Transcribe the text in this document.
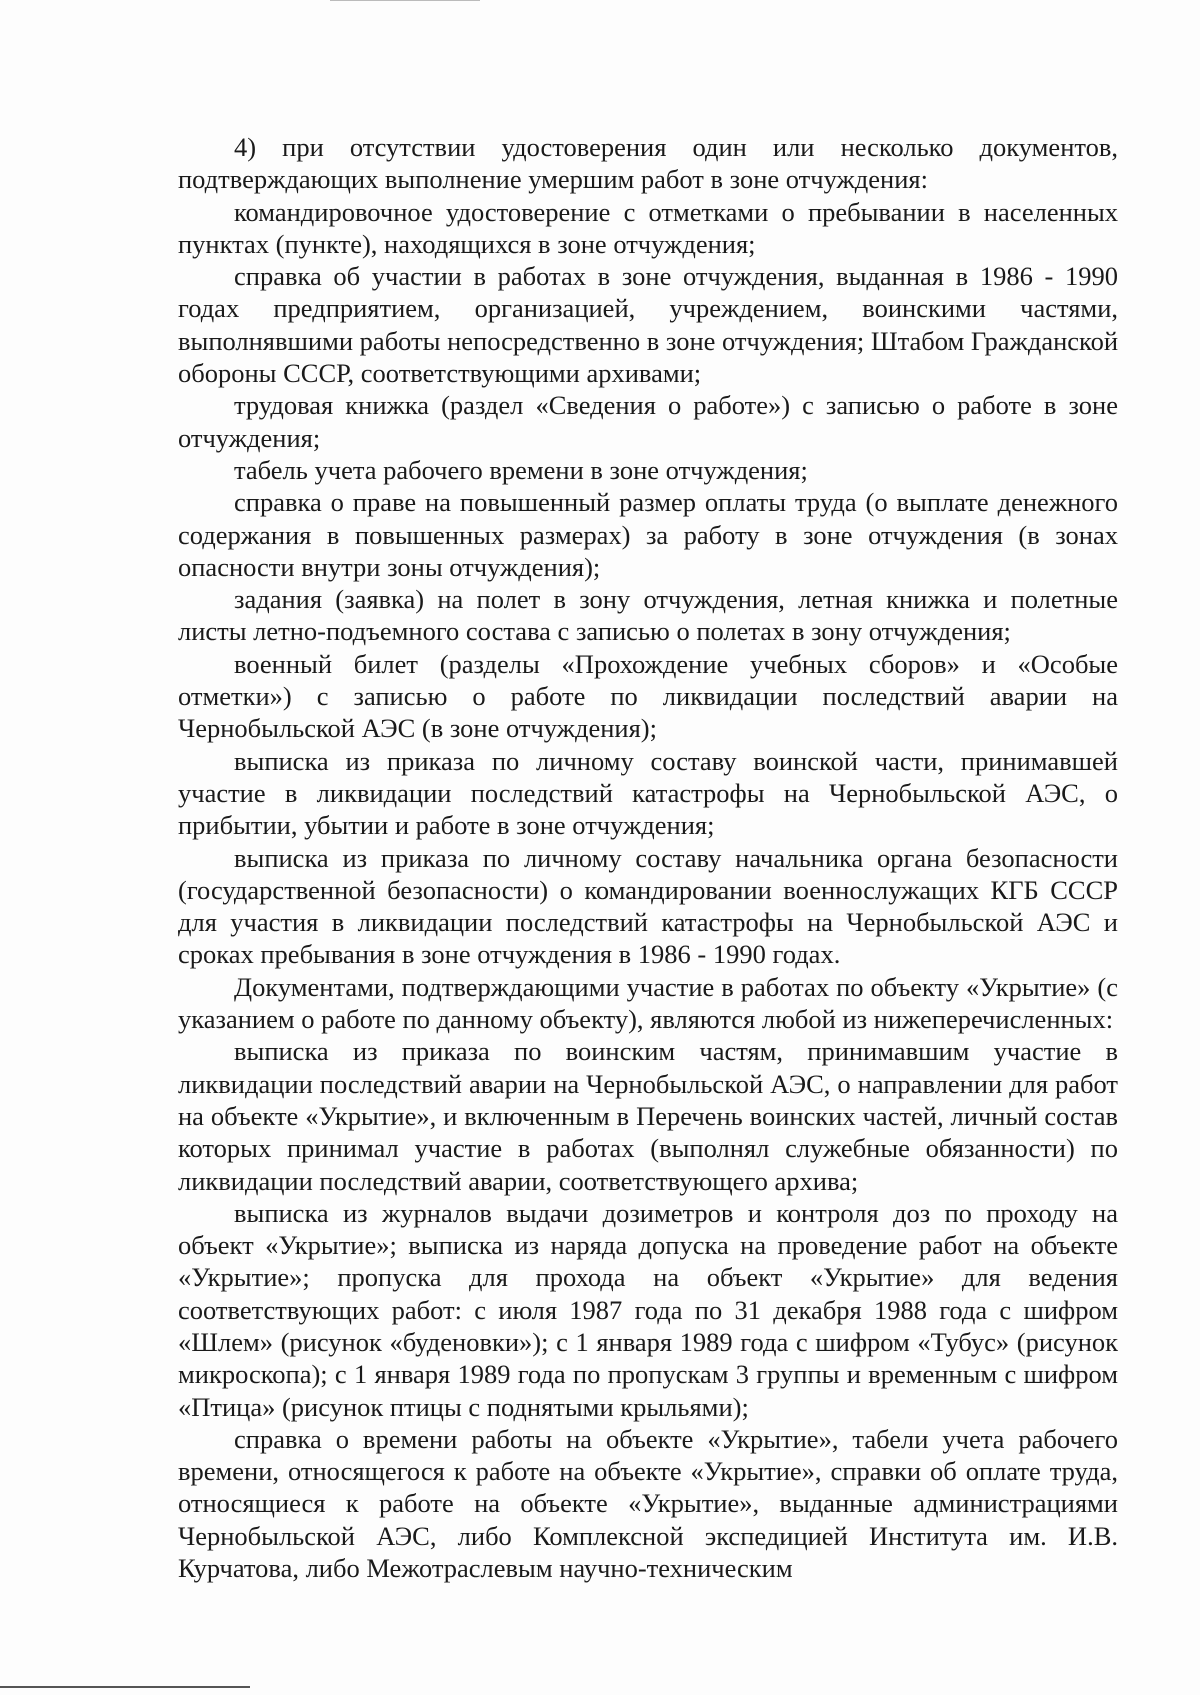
4) при отсутствии удостоверения один или несколько документов, подтверждающих выполнение умершим работ в зоне отчуждения:

командировочное удостоверение с отметками о пребывании в населенных пунктах (пункте), находящихся в зоне отчуждения;

справка об участии в работах в зоне отчуждения, выданная в 1986 - 1990 годах предприятием, организацией, учреждением, воинскими частями, выполнявшими работы непосредственно в зоне отчуждения; Штабом Гражданской обороны СССР, соответствующими архивами;

трудовая книжка (раздел «Сведения о работе») с записью о работе в зоне отчуждения;

табель учета рабочего времени в зоне отчуждения;

справка о праве на повышенный размер оплаты труда (о выплате денежного содержания в повышенных размерах) за работу в зоне отчуждения (в зонах опасности внутри зоны отчуждения);

задания (заявка) на полет в зону отчуждения, летная книжка и полетные листы летно-подъемного состава с записью о полетах в зону отчуждения;

военный билет (разделы «Прохождение учебных сборов» и «Особые отметки») с записью о работе по ликвидации последствий аварии на Чернобыльской АЭС (в зоне отчуждения);

выписка из приказа по личному составу воинской части, принимавшей участие в ликвидации последствий катастрофы на Чернобыльской АЭС, о прибытии, убытии и работе в зоне отчуждения;

выписка из приказа по личному составу начальника органа безопасности (государственной безопасности) о командировании военнослужащих КГБ СССР для участия в ликвидации последствий катастрофы на Чернобыльской АЭС и сроках пребывания в зоне отчуждения в 1986 - 1990 годах.

Документами, подтверждающими участие в работах по объекту «Укрытие» (с указанием о работе по данному объекту), являются любой из нижеперечисленных:

выписка из приказа по воинским частям, принимавшим участие в ликвидации последствий аварии на Чернобыльской АЭС, о направлении для работ на объекте «Укрытие», и включенным в Перечень воинских частей, личный состав которых принимал участие в работах (выполнял служебные обязанности) по ликвидации последствий аварии, соответствующего архива;

выписка из журналов выдачи дозиметров и контроля доз по проходу на объект «Укрытие»; выписка из наряда допуска на проведение работ на объекте «Укрытие»; пропуска для прохода на объект «Укрытие» для ведения соответствующих работ: с июля 1987 года по 31 декабря 1988 года с шифром «Шлем» (рисунок «буденовки»); с 1 января 1989 года с шифром «Тубус» (рисунок микроскопа); с 1 января 1989 года по пропускам 3 группы и временным с шифром «Птица» (рисунок птицы с поднятыми крыльями);

справка о времени работы на объекте «Укрытие», табели учета рабочего времени, относящегося к работе на объекте «Укрытие», справки об оплате труда, относящиеся к работе на объекте «Укрытие», выданные администрациями Чернобыльской АЭС, либо Комплексной экспедицией Института им. И.В. Курчатова, либо Межотраслевым научно-техническим
